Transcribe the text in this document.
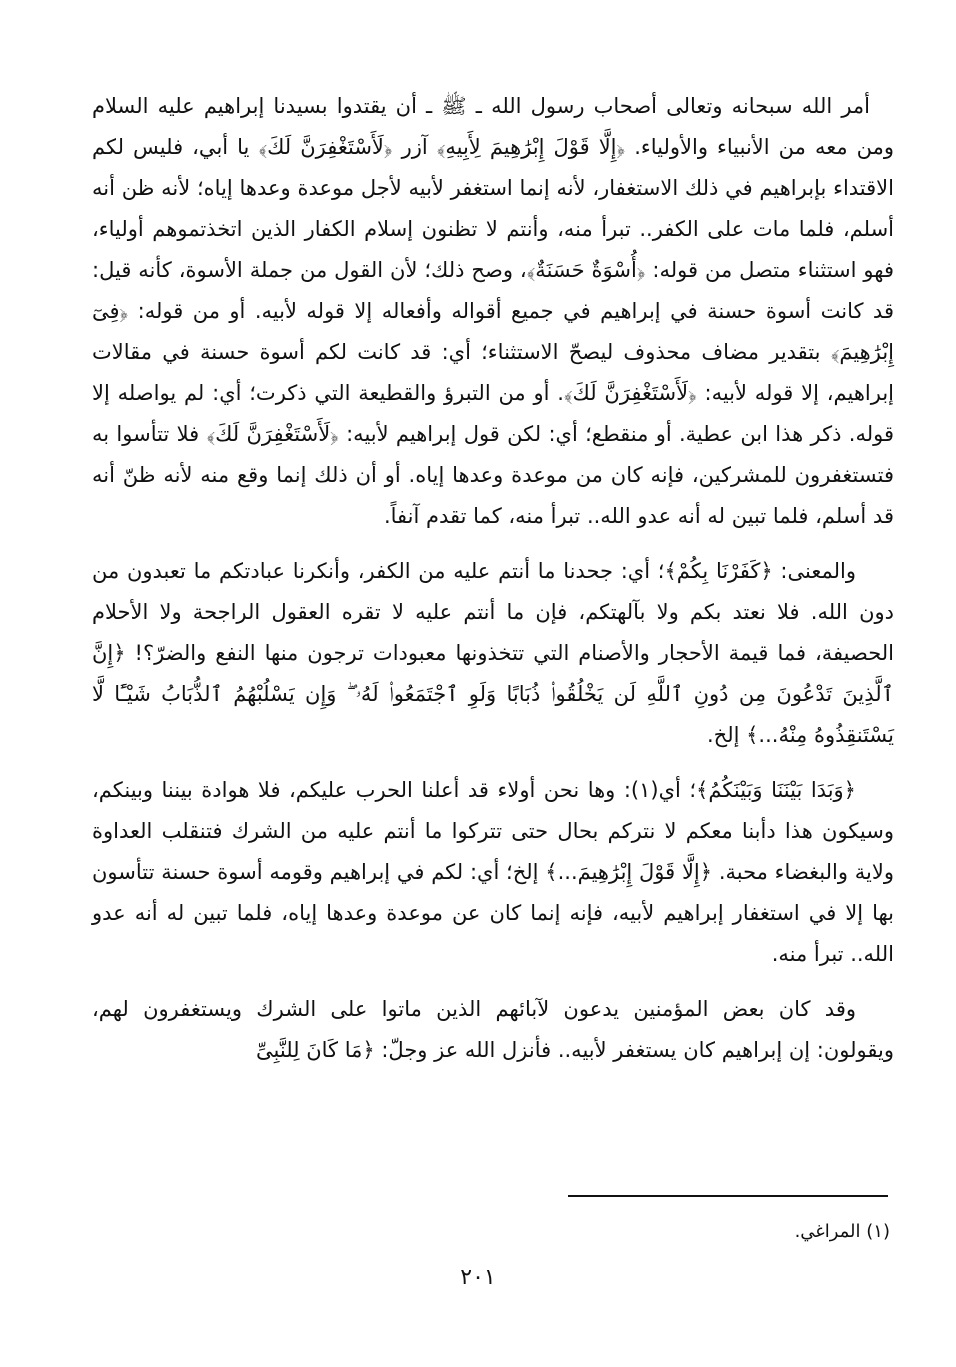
أمر الله سبحانه وتعالى أصحاب رسول الله ـ ﷺ ـ أن يقتدوا بسيدنا إبراهيم عليه السلام ومن معه من الأنبياء والأولياء. ﴿إِلَّا قَوْلَ إِبْرَٰهِيمَ لِأَبِيهِ﴾ آزر ﴿لَأَسْتَغْفِرَنَّ لَكَ﴾ يا أبي، فليس لكم الاقتداء بإبراهيم في ذلك الاستغفار، لأنه إنما استغفر لأبيه لأجل موعدة وعدها إياه؛ لأنه ظن أنه أسلم، فلما مات على الكفر.. تبرأ منه، وأنتم لا تظنون إسلام الكفار الذين اتخذتموهم أولياء، فهو استثناء متصل من قوله: ﴿أُسْوَةٌ حَسَنَةٌ﴾، وصح ذلك؛ لأن القول من جملة الأسوة، كأنه قيل: قد كانت أسوة حسنة في إبراهيم في جميع أقواله وأفعاله إلا قوله لأبيه. أو من قوله: ﴿فِىٓ إِبْرَٰهِيمَ﴾ بتقدير مضاف محذوف ليصحّ الاستثناء؛ أي: قد كانت لكم أسوة حسنة في مقالات إبراهيم، إلا قوله لأبيه: ﴿لَأَسْتَغْفِرَنَّ لَكَ﴾. أو من التبرؤ والقطيعة التي ذكرت؛ أي: لم يواصله إلا قوله. ذكر هذا ابن عطية. أو منقطع؛ أي: لكن قول إبراهيم لأبيه: ﴿لَأَسْتَغْفِرَنَّ لَكَ﴾ فلا تتأسوا به فتستغفرون للمشركين، فإنه كان من موعدة وعدها إياه. أو أن ذلك إنما وقع منه لأنه ظنّ أنه قد أسلم، فلما تبين له أنه عدو الله.. تبرأ منه، كما تقدم آنفاً.

والمعنى: ﴿كَفَرْنَا بِكُمْ﴾؛ أي: جحدنا ما أنتم عليه من الكفر، وأنكرنا عبادتكم ما تعبدون من دون الله. فلا نعتد بكم ولا بآلهتكم، فإن ما أنتم عليه لا تقره العقول الراجحة ولا الأحلام الحصيفة، فما قيمة الأحجار والأصنام التي تتخذونها معبودات ترجون منها النفع والضرّ؟! ﴿إِنَّ ٱلَّذِينَ تَدْعُونَ مِن دُونِ ٱللَّهِ لَن يَخْلُقُوا۟ ذُبَابًا وَلَوِ ٱجْتَمَعُوا۟ لَهُۥ ۖ وَإِن يَسْلُبْهُمُ ٱلذُّبَابُ شَيْـًٔا لَّا يَسْتَنقِذُوهُ مِنْهُ...﴾ إلخ.

﴿وَبَدَا بَيْنَنَا وَبَيْنَكُمُ﴾؛ أي(١): وها نحن أولاء قد أعلنا الحرب عليكم، فلا هوادة بيننا وبينكم، وسيكون هذا دأبنا معكم لا نتركم بحال حتى تتركوا ما أنتم عليه من الشرك فتنقلب العداوة ولاية والبغضاء محبة. ﴿إِلَّا قَوْلَ إِبْرَٰهِيمَ...﴾ إلخ؛ أي: لكم في إبراهيم وقومه أسوة حسنة تتأسون بها إلا في استغفار إبراهيم لأبيه، فإنه إنما كان عن موعدة وعدها إياه، فلما تبين له أنه عدو الله.. تبرأ منه.

وقد كان بعض المؤمنين يدعون لآبائهم الذين ماتوا على الشرك ويستغفرون لهم، ويقولون: إن إبراهيم كان يستغفر لأبيه.. فأنزل الله عز وجلّ: ﴿مَا كَانَ لِلنَّبِىِّ

(١) المراغي.
٢٠١
